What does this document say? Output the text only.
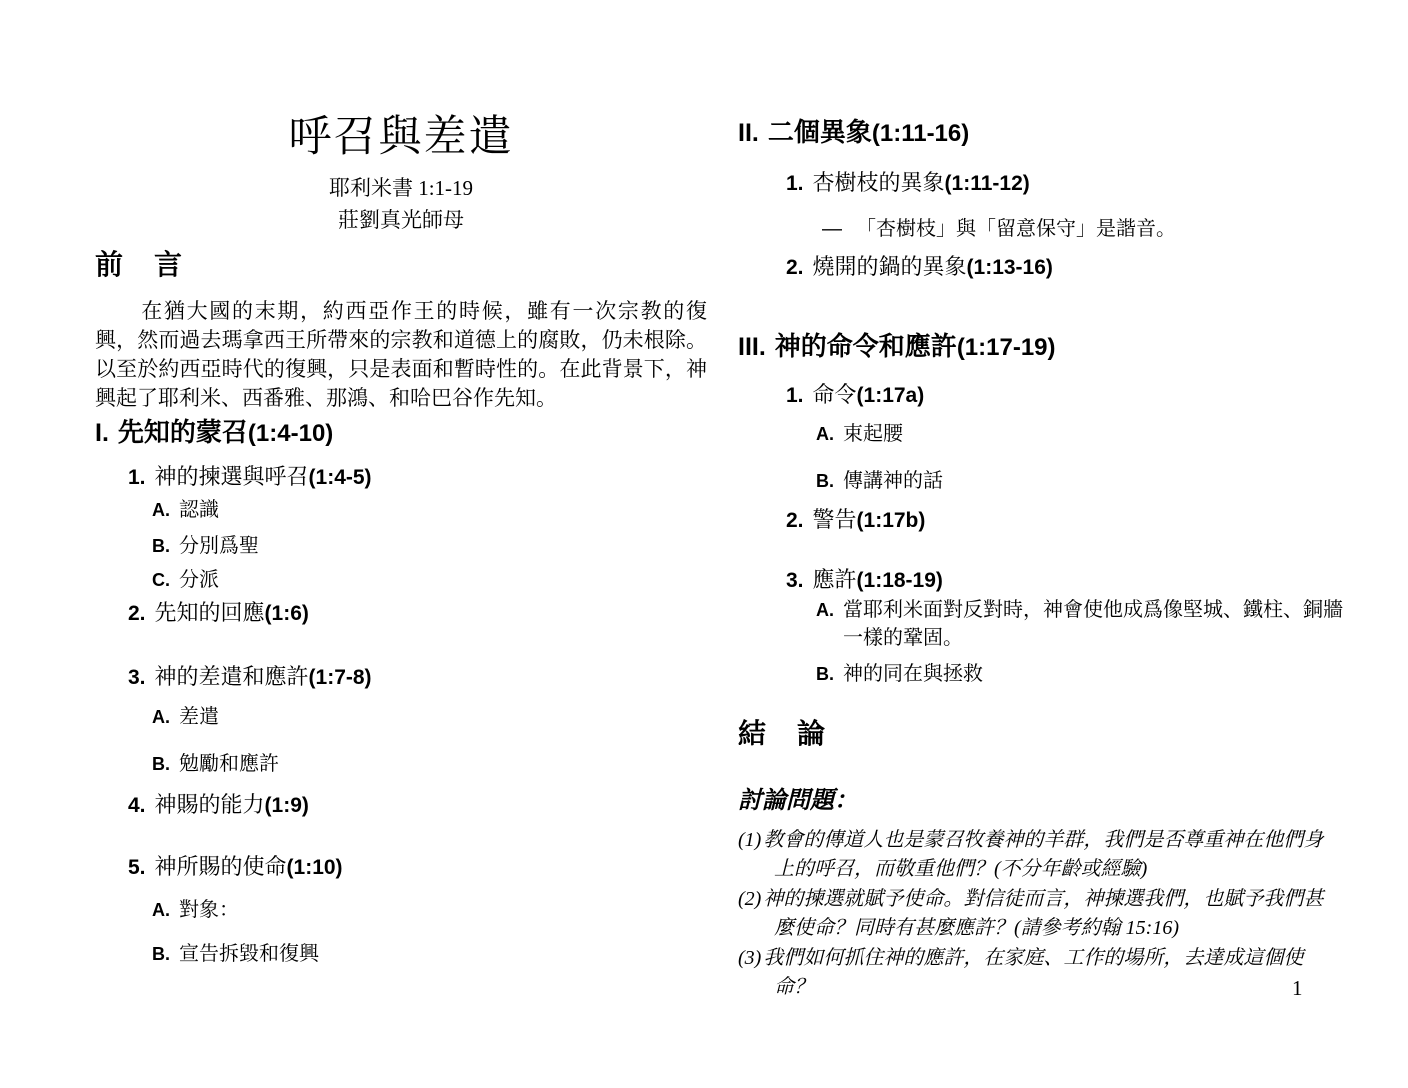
呼召與差遣
耶利米書 1:1-19
莊劉真光師母
前 言
在猶大國的末期，約西亞作王的時候，雖有一次宗教的復興，然而過去瑪拿西王所帶來的宗教和道德上的腐敗，仍未根除。以至於約西亞時代的復興，只是表面和暫時性的。在此背景下，神興起了耶利米、西番雅、那鴻、和哈巴谷作先知。
I. 先知的蒙召(1:4-10)
1. 神的揀選與呼召(1:4-5)
A. 認識
B. 分別爲聖
C. 分派
2. 先知的回應(1:6)
3. 神的差遣和應許(1:7-8)
A. 差遣
B. 勉勵和應許
4. 神賜的能力(1:9)
5. 神所賜的使命(1:10)
A. 對象：
B. 宣告拆毀和復興
II. 二個異象(1:11-16)
1. 杏樹枝的異象(1:11-12)
— 「杏樹枝」與「留意保守」是諧音。
2. 燒開的鍋的異象(1:13-16)
III. 神的命令和應許(1:17-19)
1. 命令(1:17a)
A. 束起腰
B. 傳講神的話
2. 警告(1:17b)
3. 應許(1:18-19)
A. 當耶利米面對反對時，神會使他成爲像堅城、鐵柱、銅牆一樣的鞏固。
B. 神的同在與拯救
結 論
討論問題：

(1) 教會的傳道人也是蒙召牧養神的羊群，我們是否尊重神在他們身上的呼召，而敬重他們？(不分年齡或經驗)

(2) 神的揀選就賦予使命。對信徒而言，神揀選我們，也賦予我們甚麼使命？同時有甚麼應許？(請參考約翰 15:16)

(3) 我們如何抓住神的應許，在家庭、工作的場所，去達成這個使命？	1
